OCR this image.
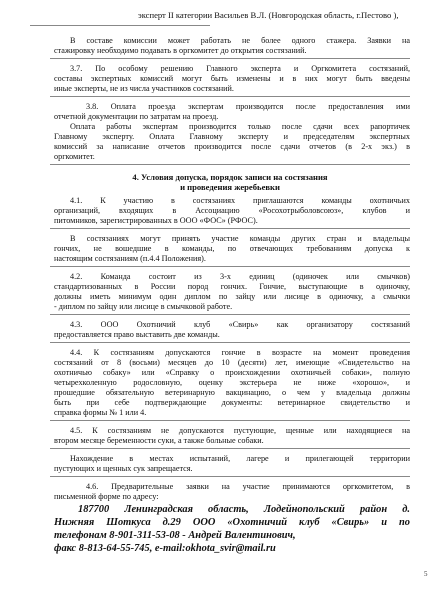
эксперт II категории Васильев В.Л. (Новгородская область, г.Пестово ),
В составе комиссии может работать не более одного стажера. Заявки на
стажировку необходимо подавать в оргкомитет до открытия состязаний.
3.7. По особому решению Главного эксперта и Оргкомитета состязаний,
составы экспертных комиссий могут быть изменены и в них могут быть введены
иные эксперты, не из числа участников состязаний.
3.8. Оплата проезда экспертам производится после предоставления ими
отчетной документации по затратам на проезд.
Оплата работы экспертам производится только после сдачи всех рапортичек
Главному эксперту. Оплата Главному эксперту и председателям экспертных
комиссий за написание отчетов производится после сдачи отчетов (в 2-х экз.) в
оргкомитет.
4. Условия допуска, порядок записи на состязания
и проведения жеребьевки
4.1. К участию в состязаниях приглашаются команды охотничьих
организаций, входящих в Ассоциацию «Росохотрыболовсоюз», клубов и
питомников, зарегистрированных в ООО «ФОС» (РФОС).
В состязаниях могут принять участие команды других стран и владельцы
гончих, не вошедшие в команды, по отвечающих требованиям допуска к
настоящим состязаниям (п.4.4 Положения).
4.2. Команда состоит из 3-х единиц (одиночек или смычков)
стандартизованных в России пород гончих. Гончие, выступающие в одиночку,
должны иметь минимум один диплом по зайцу или лисице в одиночку, а смычки
- диплом по зайцу или лисице в смычковой работе.
4.3. ООО Охотничий клуб «Свирь» как организатору состязаний
предоставляется право выставить две команды.
4.4. К состязаниям допускаются гончие в возрасте на момент проведения
состязаний от 8 (восьми) месяцев до 10 (десяти) лет, имеющие «Свидетельство на
охотничью собаку» или «Справку о происхождении охотничьей собаки», полную
четырехколенную родословную, оценку экстерьера не ниже «хорошо», и
прошедшие обязательную ветеринарную вакцинацию, о чем у владельца должны
быть при себе подтверждающие документы: ветеринарное свидетельство и
справка формы № 1 или 4.
4.5. К состязаниям не допускаются пустующие, щенные или находящиеся на
втором месяце беременности суки, а также больные собаки.
Нахождение в местах испытаний, лагере и прилегающей территории
пустующих и щенных сук запрещается.
4.6. Предварительные заявки на участие принимаются оргкомитетом, в
письменной форме по адресу:
187700 Ленинградская область, Лодейнопольский район д.
Нижняя Шоткуса д.29 ООО «Охотничий клуб «Свирь» и по
телефонам 8-901-311-53-08 - Андрей Валентинович,
факс 8-813-64-55-745, e-mail:okhota_svir@mail.ru
5
